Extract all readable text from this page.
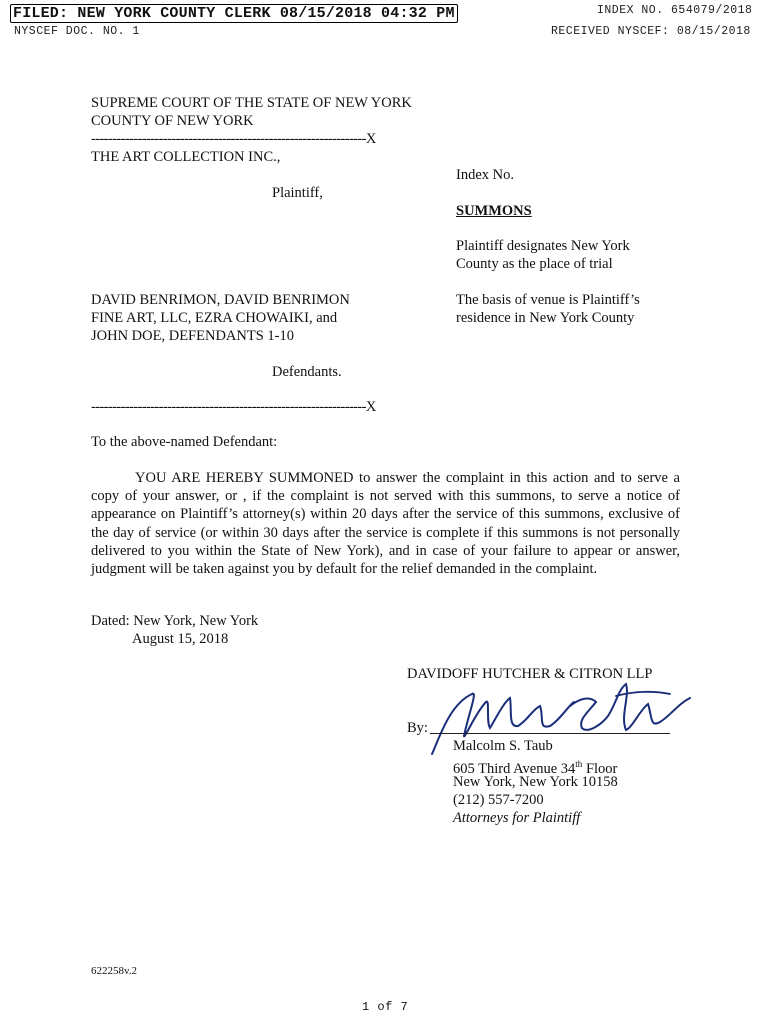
FILED: NEW YORK COUNTY CLERK 08/15/2018 04:32 PM
NYSCEF DOC. NO. 1
INDEX NO. 654079/2018
RECEIVED NYSCEF: 08/15/2018
SUPREME COURT OF THE STATE OF NEW YORK
COUNTY OF NEW YORK
-----------------------------------------------------------------X
THE ART COLLECTION INC.,
Plaintiff,
DAVID BENRIMON, DAVID BENRIMON
FINE ART, LLC, EZRA CHOWAIKI, and
JOHN DOE, DEFENDANTS 1-10
Defendants.
-----------------------------------------------------------------X
Index No.
SUMMONS
Plaintiff designates New York
County as the place of trial
The basis of venue is Plaintiff’s
residence in New York County
To the above-named Defendant:
YOU ARE HEREBY SUMMONED to answer the complaint in this action and to serve a copy of your answer, or , if the complaint is not served with this summons, to serve a notice of appearance on Plaintiff’s attorney(s) within 20 days after the service of this summons, exclusive of the day of service (or within 30 days after the service is complete if this summons is not personally delivered to you within the State of New York), and in case of your failure to appear or answer, judgment will be taken against you by default for the relief demanded in the complaint.
Dated: New York, New York
August 15, 2018
DAVIDOFF HUTCHER & CITRON LLP
By:
Malcolm S. Taub
605 Third Avenue 34th Floor
New York, New York 10158
(212) 557-7200
Attorneys for Plaintiff
622258v.2
1 of 7
